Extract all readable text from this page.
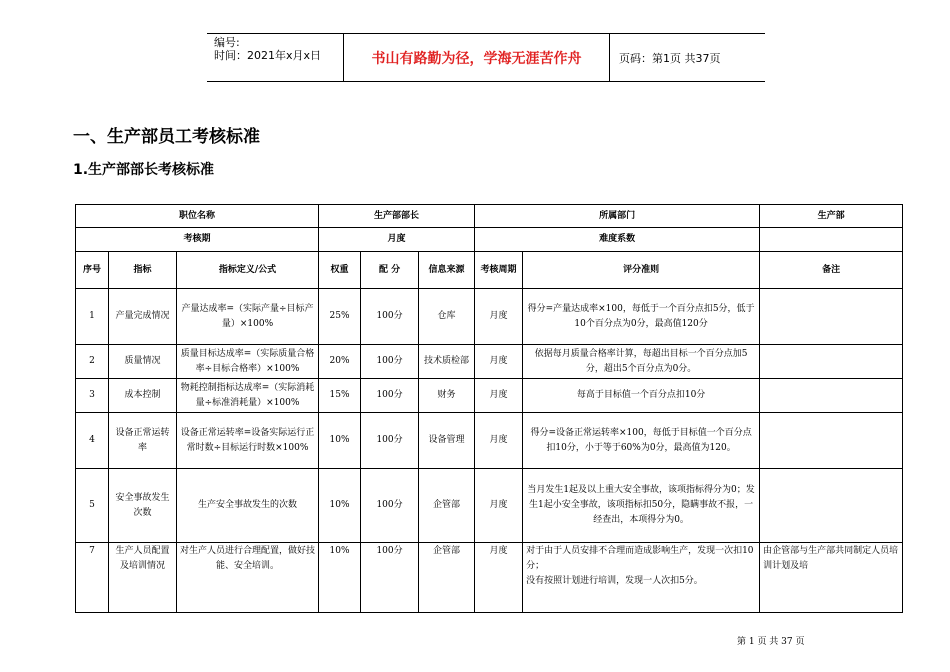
编号:
时间：2021年x月x日	书山有路勤为径，学海无涯苦作舟	页码：第1页 共37页
一、生产部员工考核标准
1.生产部部长考核标准
职位名称			生产部部长			所属部门		生产部
考核期			月度			难度系数		
序号	指标	指标定义/公式	权重	配 分	信息来源	考核周期	评分准则	备注
1	产量完成情况	产量达成率=（实际产量÷目标产量）×100%	25%	100分	仓库	月度	得分=产量达成率×100，每低于一个百分点扣5分，低于10个百分点为0分，最高值120分	
2	质量情况	质量目标达成率=（实际质量合格率÷目标合格率）×100%	20%	100分	技术质检部	月度	依据每月质量合格率计算，每超出目标一个百分点加5分，超出5个百分点为0分。	
3	成本控制	物耗控制指标达成率=（实际消耗量÷标准消耗量）×100%	15%	100分	财务	月度	每高于目标值一个百分点扣10分	
4	设备正常运转率	设备正常运转率=设备实际运行正常时数÷目标运行时数×100%	10%	100分	设备管理	月度	得分=设备正常运转率×100，每低于目标值一个百分点扣10分，小于等于60%为0分，最高值为120。	
5	安全事故发生次数	生产安全事故发生的次数	10%	100分	企管部	月度	当月发生1起及以上重大安全事故，该项指标得分为0；发生1起小安全事故，该项指标扣50分，隐瞒事故不报，一经查出，本项得分为0。	
7	生产人员配置及培训情况	对生产人员进行合理配置，做好技能、安全培训。	10%	100分	企管部	月度	对于由于人员安排不合理而造成影响生产，发现一次扣10分；
没有按照计划进行培训，发现一人次扣5分。	由企管部与生产部共同制定人员培训计划及培
第 1 页 共 37 页
